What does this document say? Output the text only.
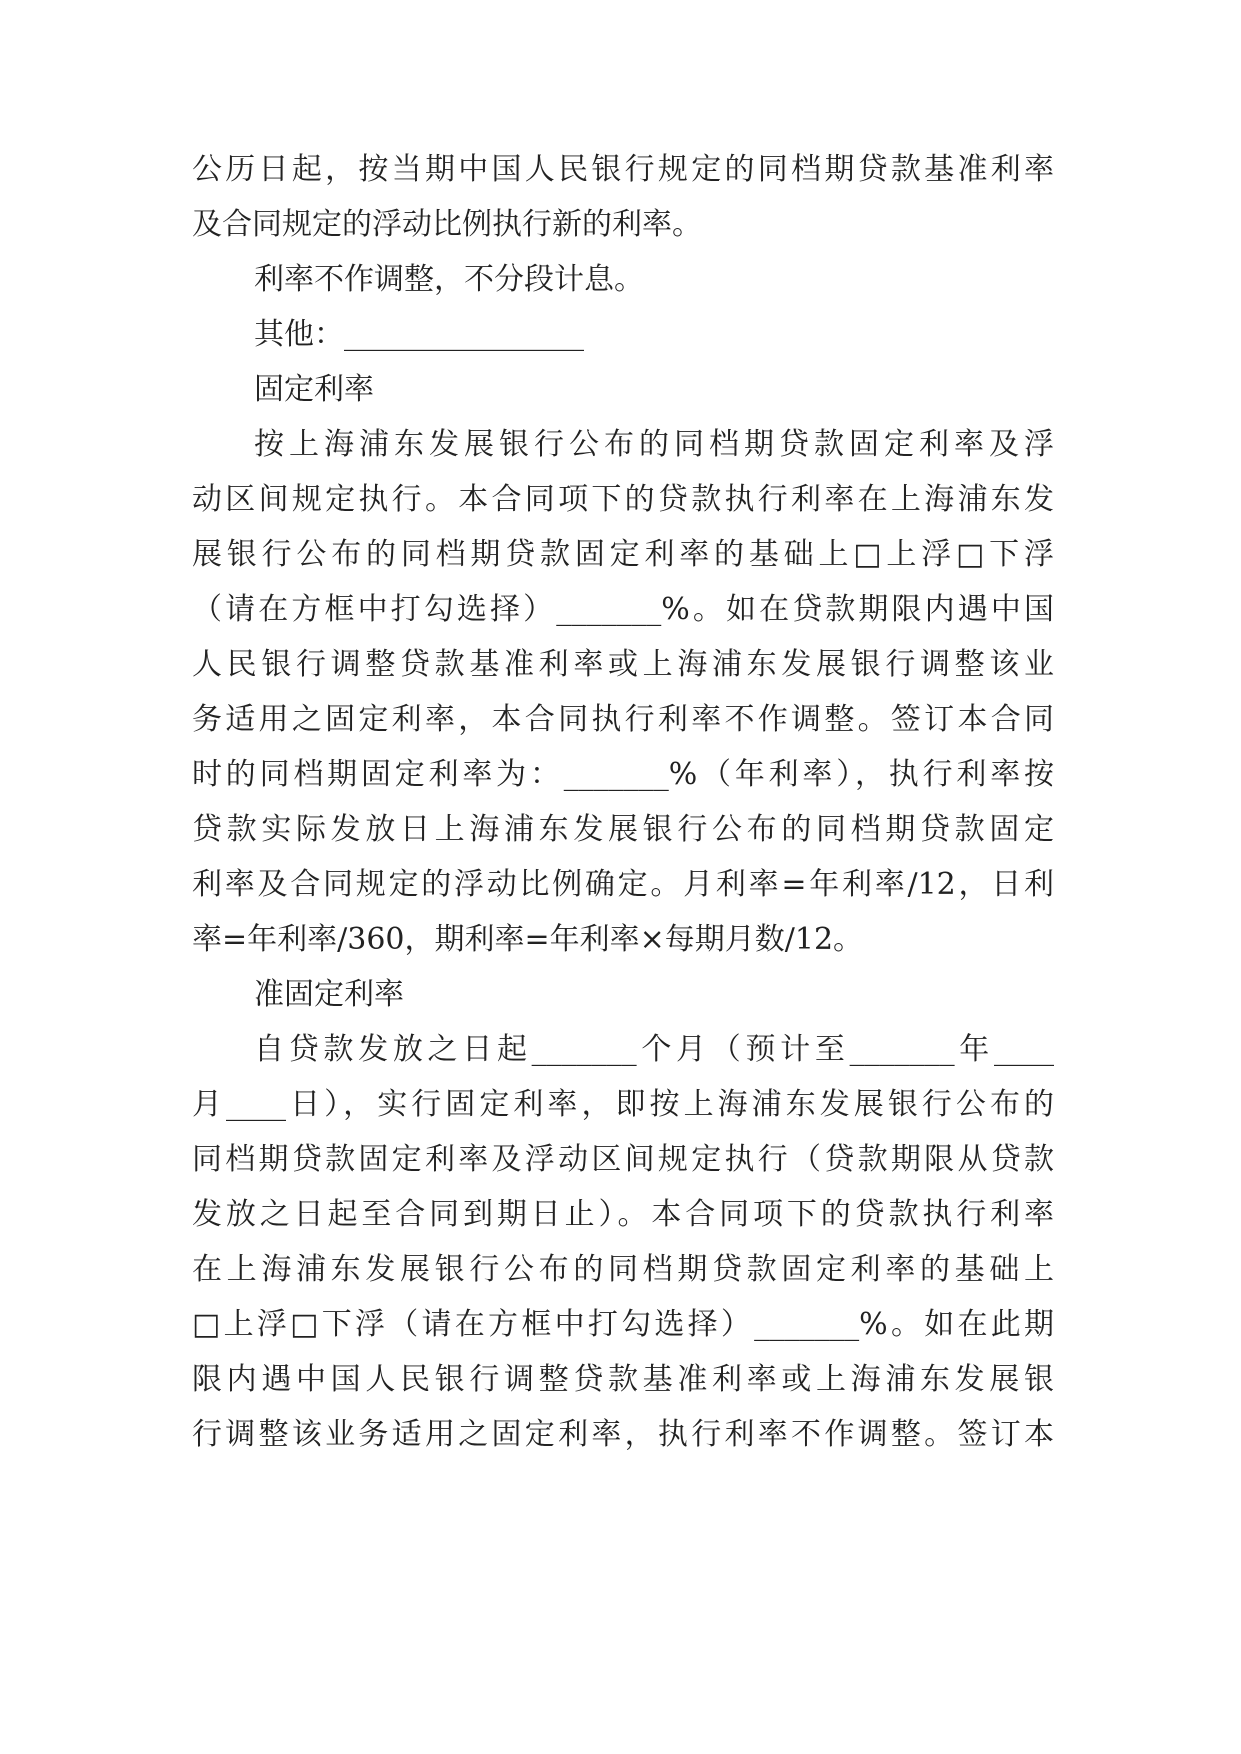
公历日起，按当期中国人民银行规定的同档期贷款基准利率

及合同规定的浮动比例执行新的利率。

利率不作调整，不分段计息。

其他：________________

固定利率

按上海浦东发展银行公布的同档期贷款固定利率及浮

动区间规定执行。本合同项下的贷款执行利率在上海浦东发

展银行公布的同档期贷款固定利率的基础上□上浮□下浮

（请在方框中打勾选择）_______%。如在贷款期限内遇中国

人民银行调整贷款基准利率或上海浦东发展银行调整该业

务适用之固定利率，本合同执行利率不作调整。签订本合同

时的同档期固定利率为：_______%（年利率），执行利率按

贷款实际发放日上海浦东发展银行公布的同档期贷款固定

利率及合同规定的浮动比例确定。月利率=年利率/12，日利

率=年利率/360，期利率=年利率×每期月数/12。

准固定利率

自贷款发放之日起_______个月（预计至_______年____

月____日），实行固定利率，即按上海浦东发展银行公布的

同档期贷款固定利率及浮动区间规定执行（贷款期限从贷款

发放之日起至合同到期日止）。本合同项下的贷款执行利率

在上海浦东发展银行公布的同档期贷款固定利率的基础上

□上浮□下浮（请在方框中打勾选择）_______%。如在此期

限内遇中国人民银行调整贷款基准利率或上海浦东发展银

行调整该业务适用之固定利率，执行利率不作调整。签订本
